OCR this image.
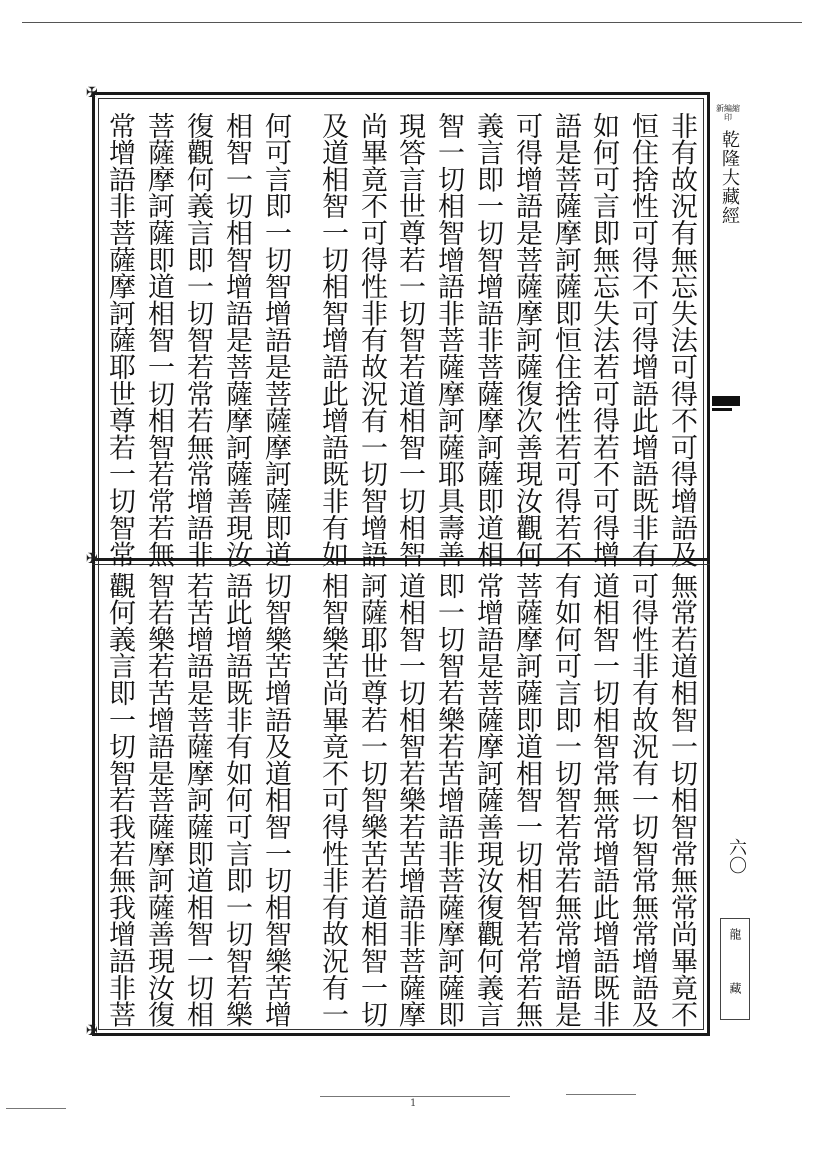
✠
✠
✠	非有故況有無忘失法可得不可得增語及
恒住捨性可得不可得增語此增語既非有
如何可言即無忘失法若可得若不可得增
語是菩薩摩訶薩即恒住捨性若可得若不
可得增語是菩薩摩訶薩復次善現汝觀何
義言即一切智增語非菩薩摩訶薩即道相
智一切相智增語非菩薩摩訶薩耶具壽善
現答言世尊若一切智若道相智一切相智
尚畢竟不可得性非有故況有一切智增語
及道相智一切相智增語此增語既非有如
何可言即一切智增語是菩薩摩訶薩即道
相智一切相智增語是菩薩摩訶薩善現汝
復觀何義言即一切智若常若無常增語非
菩薩摩訶薩即道相智一切相智若常若無
常增語非菩薩摩訶薩耶世尊若一切智常
無常若道相智一切相智常無常尚畢竟不
可得性非有故況有一切智常無常增語及
道相智一切相智常無常增語此增語既非
有如何可言即一切智若常若無常增語是
菩薩摩訶薩即道相智一切相智若常若無
常增語是菩薩摩訶薩善現汝復觀何義言
即一切智若樂若苦增語非菩薩摩訶薩即
道相智一切相智若樂若苦增語非菩薩摩
訶薩耶世尊若一切智樂苦若道相智一切
相智樂苦尚畢竟不可得性非有故況有一
切智樂苦增語及道相智一切相智樂苦增
語此增語既非有如何可言即一切智若樂
若苦增語是菩薩摩訶薩即道相智一切相
智若樂若苦增語是菩薩摩訶薩善現汝復
觀何義言即一切智若我若無我增語非菩
新編縮印
乾隆大藏經
六〇
龍 藏
1
